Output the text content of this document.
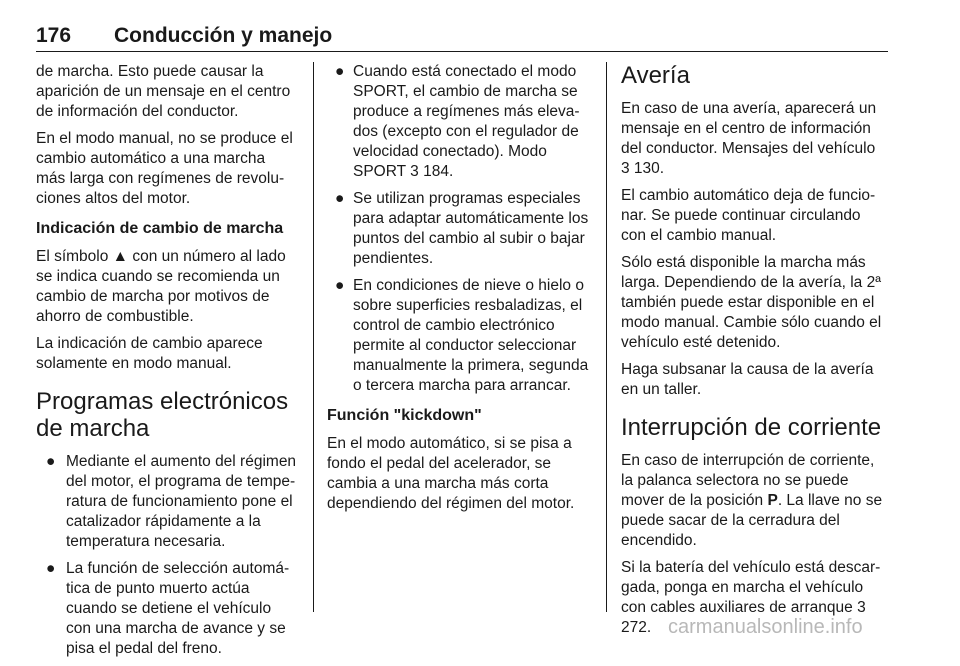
176 Conducción y manejo

de marcha. Esto puede causar la aparición de un mensaje en el centro de información del conductor.

En el modo manual, no se produce el cambio automático a una marcha más larga con regímenes de revolu-ciones altos del motor.

Indicación de cambio de marcha

El símbolo ▲ con un número al lado se indica cuando se recomienda un cambio de marcha por motivos de ahorro de combustible.

La indicación de cambio aparece solamente en modo manual.

Programas electrónicos de marcha
● Mediante el aumento del régimen del motor, el programa de tempe-ratura de funcionamiento pone el catalizador rápidamente a la temperatura necesaria.
● La función de selección automá-tica de punto muerto actúa cuando se detiene el vehículo con una marcha de avance y se pisa el pedal del freno.
● Cuando está conectado el modo SPORT, el cambio de marcha se produce a regímenes más eleva-dos (excepto con el regulador de velocidad conectado). Modo SPORT 3 184.
● Se utilizan programas especiales para adaptar automáticamente los puntos del cambio al subir o bajar pendientes.
● En condiciones de nieve o hielo o sobre superficies resbaladizas, el control de cambio electrónico permite al conductor seleccionar manualmente la primera, segunda o tercera marcha para arrancar.
Función "kickdown"

En el modo automático, si se pisa a fondo el pedal del acelerador, se cambia a una marcha más corta dependiendo del régimen del motor.

Avería

En caso de una avería, aparecerá un mensaje en el centro de información del conductor. Mensajes del vehículo 3 130.

El cambio automático deja de funcio-nar. Se puede continuar circulando con el cambio manual.

Sólo está disponible la marcha más larga. Dependiendo de la avería, la 2ª también puede estar disponible en el modo manual. Cambie sólo cuando el vehículo esté detenido.

Haga subsanar la causa de la avería en un taller.

Interrupción de corriente

En caso de interrupción de corriente, la palanca selectora no se puede mover de la posición P. La llave no se puede sacar de la cerradura del encendido.

Si la batería del vehículo está descar-gada, ponga en marcha el vehículo con cables auxiliares de arranque 3 272. carmanualsonline.info
